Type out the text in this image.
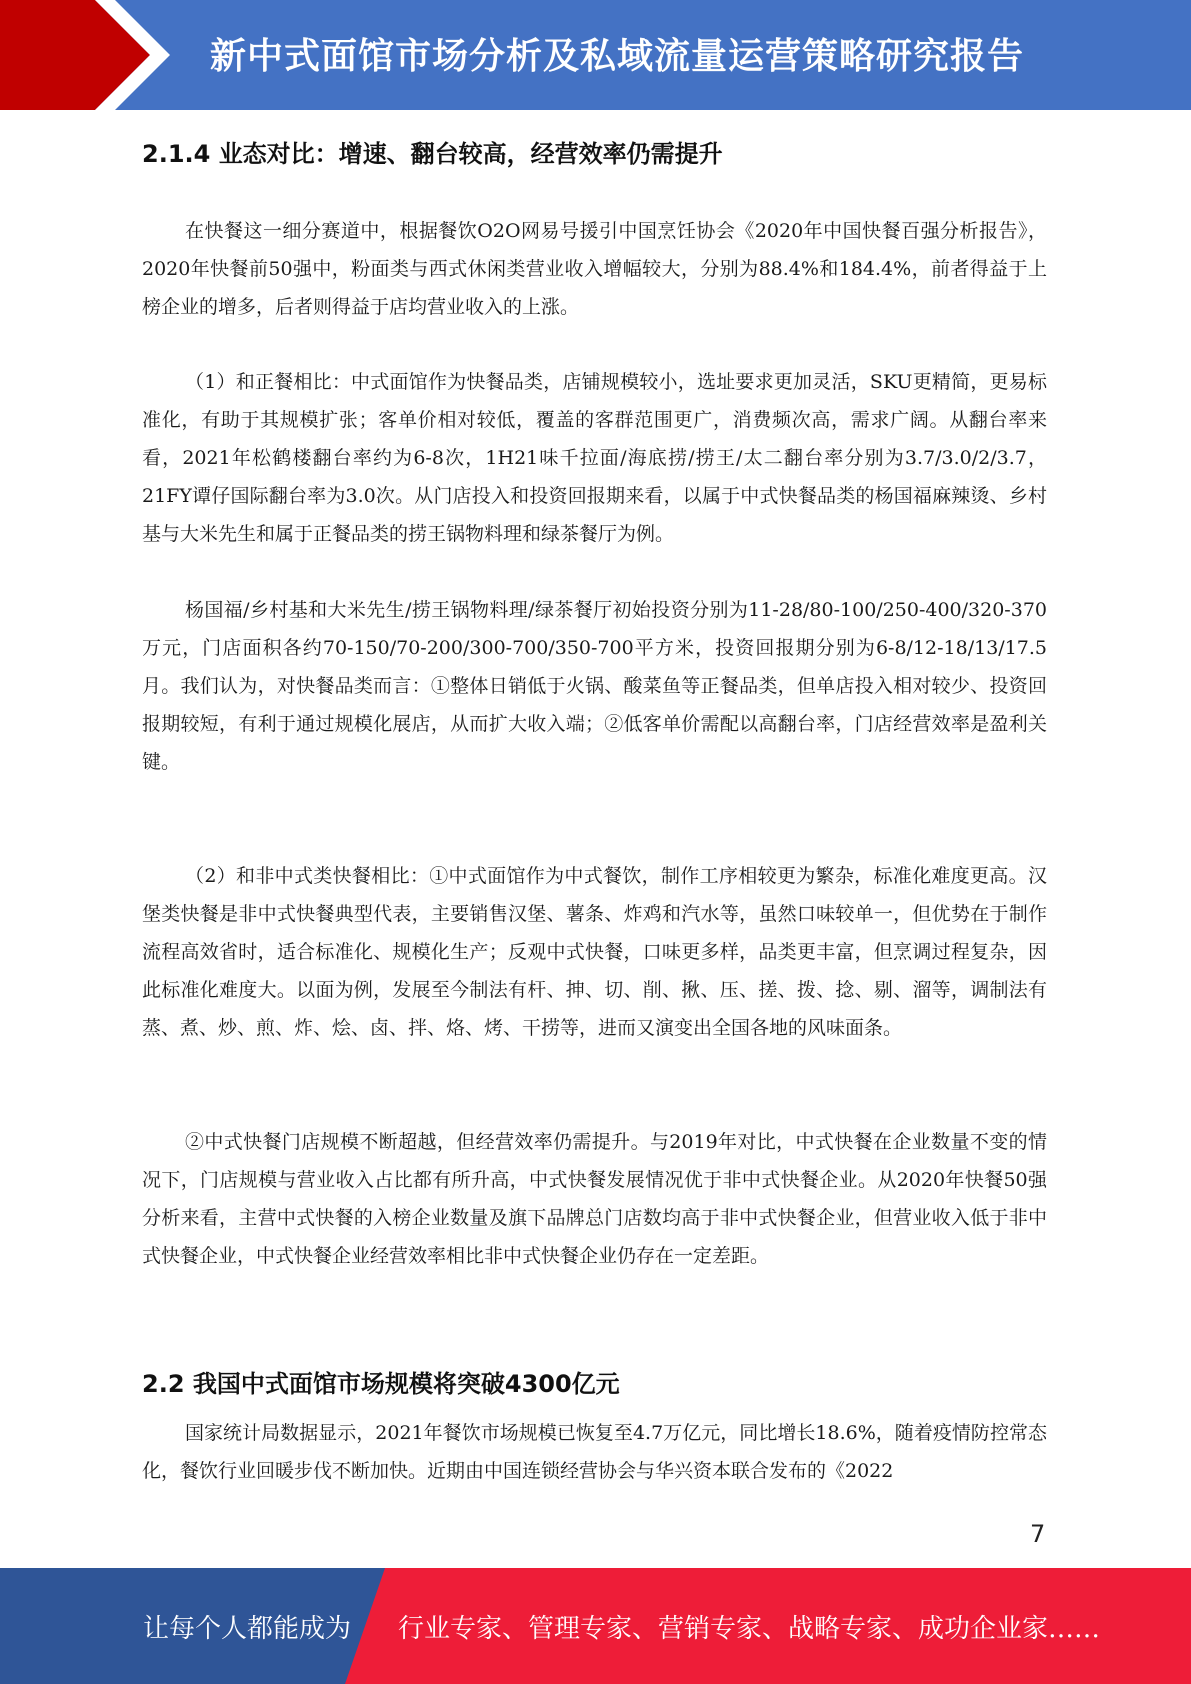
新中式面馆市场分析及私域流量运营策略研究报告
2.1.4 业态对比：增速、翻台较高，经营效率仍需提升

在快餐这一细分赛道中，根据餐饮O2O网易号援引中国烹饪协会《2020年中国快餐百强分析报告》，2020年快餐前50强中，粉面类与西式休闲类营业收入增幅较大，分别为88.4%和184.4%，前者得益于上榜企业的增多，后者则得益于店均营业收入的上涨。

（1）和正餐相比：中式面馆作为快餐品类，店铺规模较小，选址要求更加灵活，SKU更精简，更易标准化，有助于其规模扩张；客单价相对较低，覆盖的客群范围更广，消费频次高，需求广阔。从翻台率来看，2021年松鹤楼翻台率约为6-8次，1H21味千拉面/海底捞/捞王/太二翻台率分别为3.7/3.0/2/3.7，21FY谭仔国际翻台率为3.0次。从门店投入和投资回报期来看，以属于中式快餐品类的杨国福麻辣烫、乡村基与大米先生和属于正餐品类的捞王锅物料理和绿茶餐厅为例。

杨国福/乡村基和大米先生/捞王锅物料理/绿茶餐厅初始投资分别为11-28/80-100/250-400/320-370万元，门店面积各约70-150/70-200/300-700/350-700平方米，投资回报期分别为6-8/12-18/13/17.5月。我们认为，对快餐品类而言：①整体日销低于火锅、酸菜鱼等正餐品类，但单店投入相对较少、投资回报期较短，有利于通过规模化展店，从而扩大收入端；②低客单价需配以高翻台率，门店经营效率是盈利关键。

（2）和非中式类快餐相比：①中式面馆作为中式餐饮，制作工序相较更为繁杂，标准化难度更高。汉堡类快餐是非中式快餐典型代表，主要销售汉堡、薯条、炸鸡和汽水等，虽然口味较单一，但优势在于制作流程高效省时，适合标准化、规模化生产；反观中式快餐，口味更多样，品类更丰富，但烹调过程复杂，因此标准化难度大。以面为例，发展至今制法有杆、抻、切、削、揪、压、搓、拨、捻、剔、溜等，调制法有蒸、煮、炒、煎、炸、烩、卤、拌、烙、烤、干捞等，进而又演变出全国各地的风味面条。

②中式快餐门店规模不断超越，但经营效率仍需提升。与2019年对比，中式快餐在企业数量不变的情况下，门店规模与营业收入占比都有所升高，中式快餐发展情况优于非中式快餐企业。从2020年快餐50强分析来看，主营中式快餐的入榜企业数量及旗下品牌总门店数均高于非中式快餐企业，但营业收入低于非中式快餐企业，中式快餐企业经营效率相比非中式快餐企业仍存在一定差距。

2.2 我国中式面馆市场规模将突破4300亿元

国家统计局数据显示，2021年餐饮市场规模已恢复至4.7万亿元，同比增长18.6%，随着疫情防控常态化，餐饮行业回暖步伐不断加快。近期由中国连锁经营协会与华兴资本联合发布的《2022

7
让每个人都能成为 行业专家、管理专家、营销专家、战略专家、成功企业家……
